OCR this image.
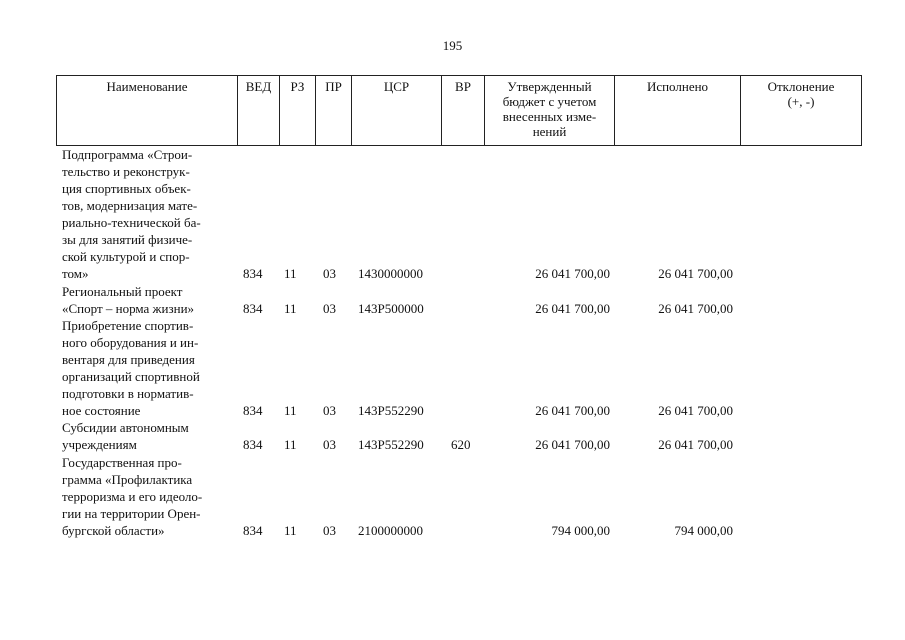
195
Наименование	ВЕД	РЗ	ПР	ЦСР	ВР	Утвержденный
бюджет с учетом
внесенных изме-
нений
Исполнено	Отклонение
(+, -)
Подпрограмма «Строи-
тельство и реконструк-
ция спортивных объек-
тов, модернизация мате-
риально-технической ба-
зы для занятий физиче-
ской культурой и спор-
том»	834 11 03 1430000000	26 041 700,00	26 041 700,00
Региональный проект
«Спорт – норма жизни»	834 11 03 143Р500000	26 041 700,00	26 041 700,00
Приобретение спортив-
ного оборудования и ин-
вентаря для приведения
организаций спортивной
подготовки в норматив-
ное состояние	834 11 03 143Р552290	26 041 700,00	26 041 700,00
Субсидии автономным
учреждениям	834 11 03 143Р552290 620	26 041 700,00	26 041 700,00
Государственная про-
грамма «Профилактика
терроризма и его идеоло-
гии на территории Орен-
бургской области»	834 11 03 2100000000	794 000,00	794 000,00
